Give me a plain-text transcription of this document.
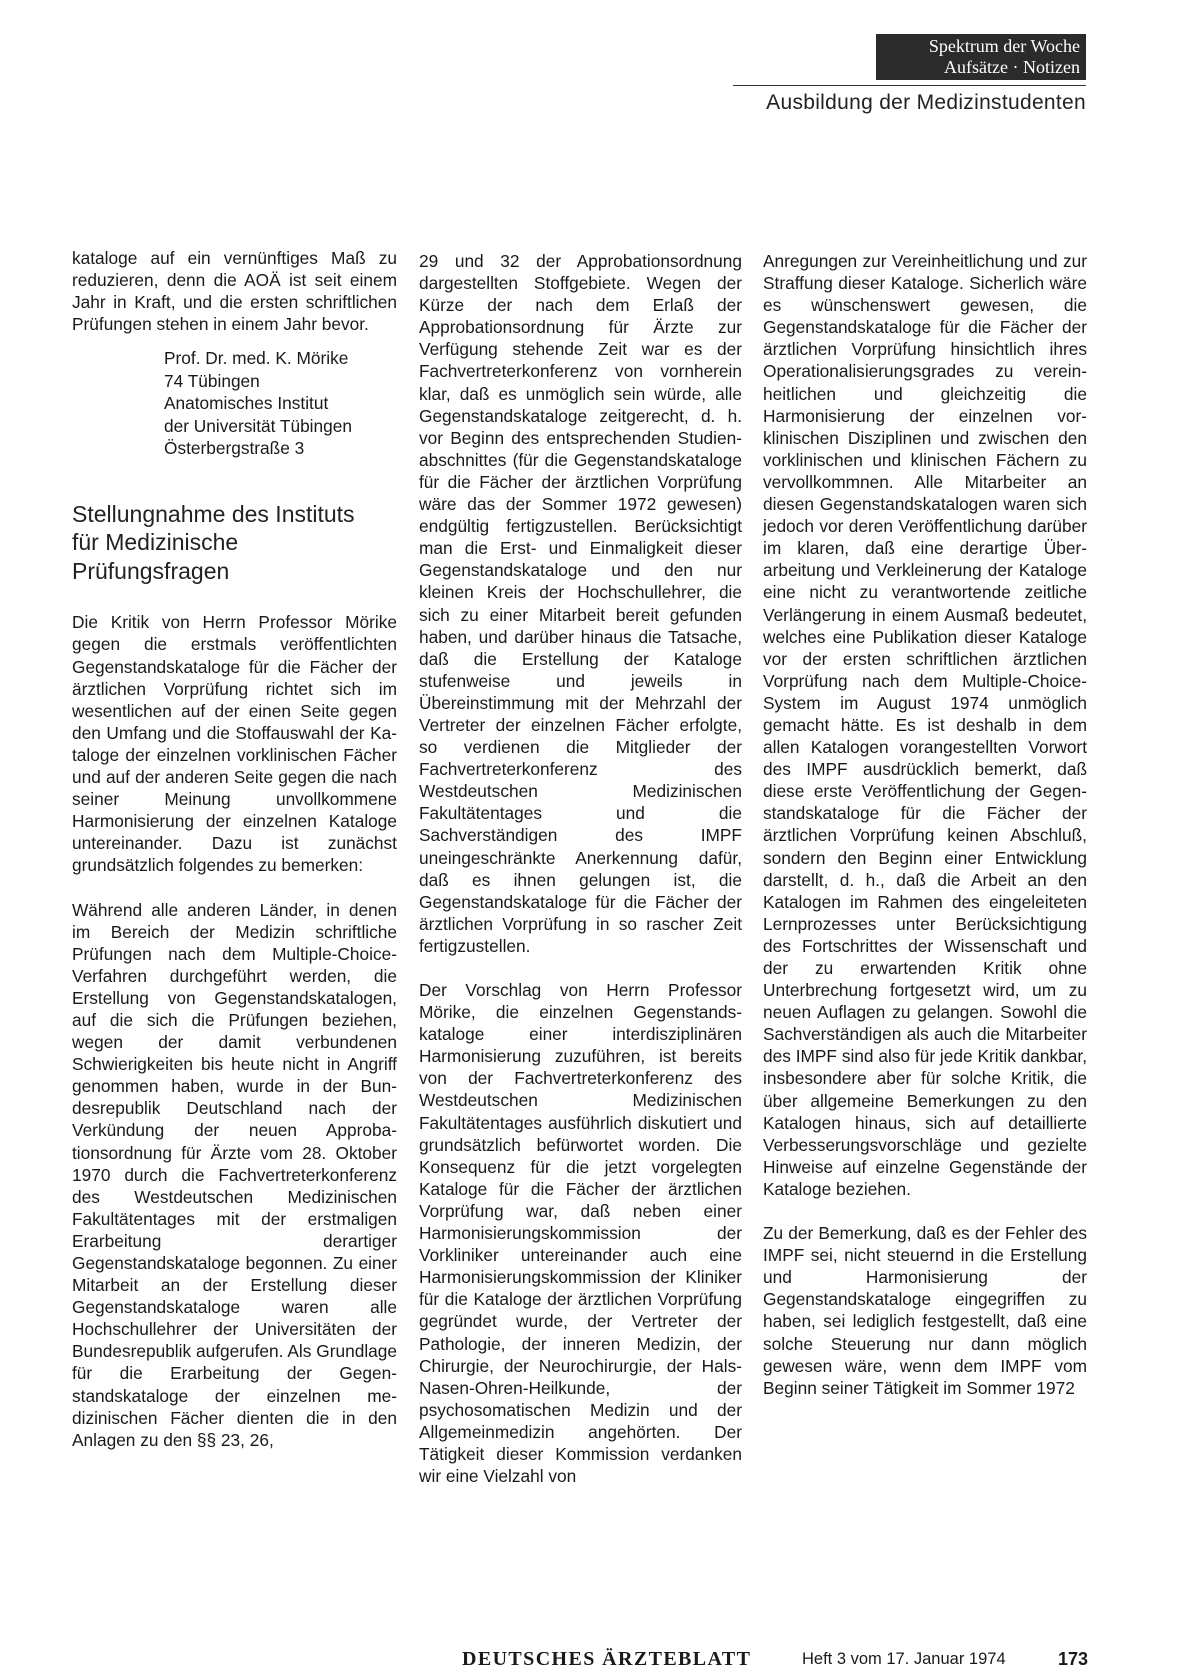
Spektrum der Woche
Aufsätze · Notizen
Ausbildung der Medizinstudenten

kataloge auf ein vernünftiges Maß zu reduzieren, denn die AOÄ ist seit einem Jahr in Kraft, und die ersten schriftlichen Prüfungen stehen in einem Jahr bevor.

Prof. Dr. med. K. Mörike
74 Tübingen
Anatomisches Institut
der Universität Tübingen
Österbergstraße 3
Stellungnahme des Instituts
für Medizinische
Prüfungsfragen

Die Kritik von Herrn Professor Mörike gegen die erstmals veröffentlichten Gegenstandskataloge für die Fächer der ärztlichen Vorprüfung richtet sich im wesentlichen auf der einen Seite gegen den Umfang und die Stoffauswahl der Kataloge der einzelnen vorklinischen Fächer und auf der anderen Seite gegen die nach seiner Meinung unvollkommene Harmonisierung der einzelnen Kataloge untereinander. Dazu ist zunächst grundsätzlich folgendes zu bemerken:

Während alle anderen Länder, in denen im Bereich der Medizin schriftliche Prüfungen nach dem Multiple-Choice-Verfahren durchgeführt werden, die Erstellung von Gegenstandskatalogen, auf die sich die Prüfungen beziehen, wegen der damit verbundenen Schwierigkeiten bis heute nicht in Angriff genommen haben, wurde in der Bundesrepublik Deutschland nach der Verkündung der neuen Approbationsordnung für Ärzte vom 28. Oktober 1970 durch die Fachvertreterkonferenz des Westdeutschen Medizinischen Fakultätentages mit der erstmaligen Erarbeitung derartiger Gegenstandskataloge begonnen. Zu einer Mitarbeit an der Erstellung dieser Gegenstandskataloge waren alle Hochschullehrer der Universitäten der Bundesrepublik aufgerufen. Als Grundlage für die Erarbeitung der Gegenstandskataloge der einzelnen medizinischen Fächer dienten die in den Anlagen zu den §§ 23, 26,

29 und 32 der Approbationsordnung dargestellten Stoffgebiete. Wegen der Kürze der nach dem Erlaß der Approbationsordnung für Ärzte zur Verfügung stehende Zeit war es der Fachvertreterkonferenz von vornherein klar, daß es unmöglich sein würde, alle Gegenstandskataloge zeitgerecht, d. h. vor Beginn des entsprechenden Studienabschnittes (für die Gegenstandskataloge für die Fächer der ärztlichen Vorprüfung wäre das der Sommer 1972 gewesen) endgültig fertigzustellen. Berücksichtigt man die Erst- und Einmaligkeit dieser Gegenstandskataloge und den nur kleinen Kreis der Hochschullehrer, die sich zu einer Mitarbeit bereit gefunden haben, und darüber hinaus die Tatsache, daß die Erstellung der Kataloge stufenweise und jeweils in Übereinstimmung mit der Mehrzahl der Vertreter der einzelnen Fächer erfolgte, so verdienen die Mitglieder der Fachvertreterkonferenz des Westdeutschen Medizinischen Fakultätentages und die Sachverständigen des IMPF uneingeschränkte Anerkennung dafür, daß es ihnen gelungen ist, die Gegenstandskataloge für die Fächer der ärztlichen Vorprüfung in so rascher Zeit fertigzustellen.

Der Vorschlag von Herrn Professor Mörike, die einzelnen Gegenstandskataloge einer interdisziplinären Harmonisierung zuzuführen, ist bereits von der Fachvertreterkonferenz des Westdeutschen Medizinischen Fakultätentages ausführlich diskutiert und grundsätzlich befürwortet worden. Die Konsequenz für die jetzt vorgelegten Kataloge für die Fächer der ärztlichen Vorprüfung war, daß neben einer Harmonisierungskommission der Vorkliniker untereinander auch eine Harmonisierungskommission der Kliniker für die Kataloge der ärztlichen Vorprüfung gegründet wurde, der Vertreter der Pathologie, der inneren Medizin, der Chirurgie, der Neurochirurgie, der Hals-Nasen-Ohren-Heilkunde, der psychosomatischen Medizin und der Allgemeinmedizin angehörten. Der Tätigkeit dieser Kommission verdanken wir eine Vielzahl von

Anregungen zur Vereinheitlichung und zur Straffung dieser Kataloge. Sicherlich wäre es wünschenswert gewesen, die Gegenstandskataloge für die Fächer der ärztlichen Vorprüfung hinsichtlich ihres Operationalisierungsgrades zu vereinheitlichen und gleichzeitig die Harmonisierung der einzelnen vorklinischen Disziplinen und zwischen den vorklinischen und klinischen Fächern zu vervollkommnen. Alle Mitarbeiter an diesen Gegenstandskatalogen waren sich jedoch vor deren Veröffentlichung darüber im klaren, daß eine derartige Überarbeitung und Verkleinerung der Kataloge eine nicht zu verantwortende zeitliche Verlängerung in einem Ausmaß bedeutet, welches eine Publikation dieser Kataloge vor der ersten schriftlichen ärztlichen Vorprüfung nach dem Multiple-Choice-System im August 1974 unmöglich gemacht hätte. Es ist deshalb in dem allen Katalogen vorangestellten Vorwort des IMPF ausdrücklich bemerkt, daß diese erste Veröffentlichung der Gegenstandskataloge für die Fächer der ärztlichen Vorprüfung keinen Abschluß, sondern den Beginn einer Entwicklung darstellt, d. h., daß die Arbeit an den Katalogen im Rahmen des eingeleiteten Lernprozesses unter Berücksichtigung des Fortschrittes der Wissenschaft und der zu erwartenden Kritik ohne Unterbrechung fortgesetzt wird, um zu neuen Auflagen zu gelangen. Sowohl die Sachverständigen als auch die Mitarbeiter des IMPF sind also für jede Kritik dankbar, insbesondere aber für solche Kritik, die über allgemeine Bemerkungen zu den Katalogen hinaus, sich auf detaillierte Verbesserungsvorschläge und gezielte Hinweise auf einzelne Gegenstände der Kataloge beziehen.

Zu der Bemerkung, daß es der Fehler des IMPF sei, nicht steuernd in die Erstellung und Harmonisierung der Gegenstandskataloge eingegriffen zu haben, sei lediglich festgestellt, daß eine solche Steuerung nur dann möglich gewesen wäre, wenn dem IMPF vom Beginn seiner Tätigkeit im Sommer 1972

DEUTSCHES ÄRZTEBLATT	Heft 3 vom 17. Januar 1974	173
